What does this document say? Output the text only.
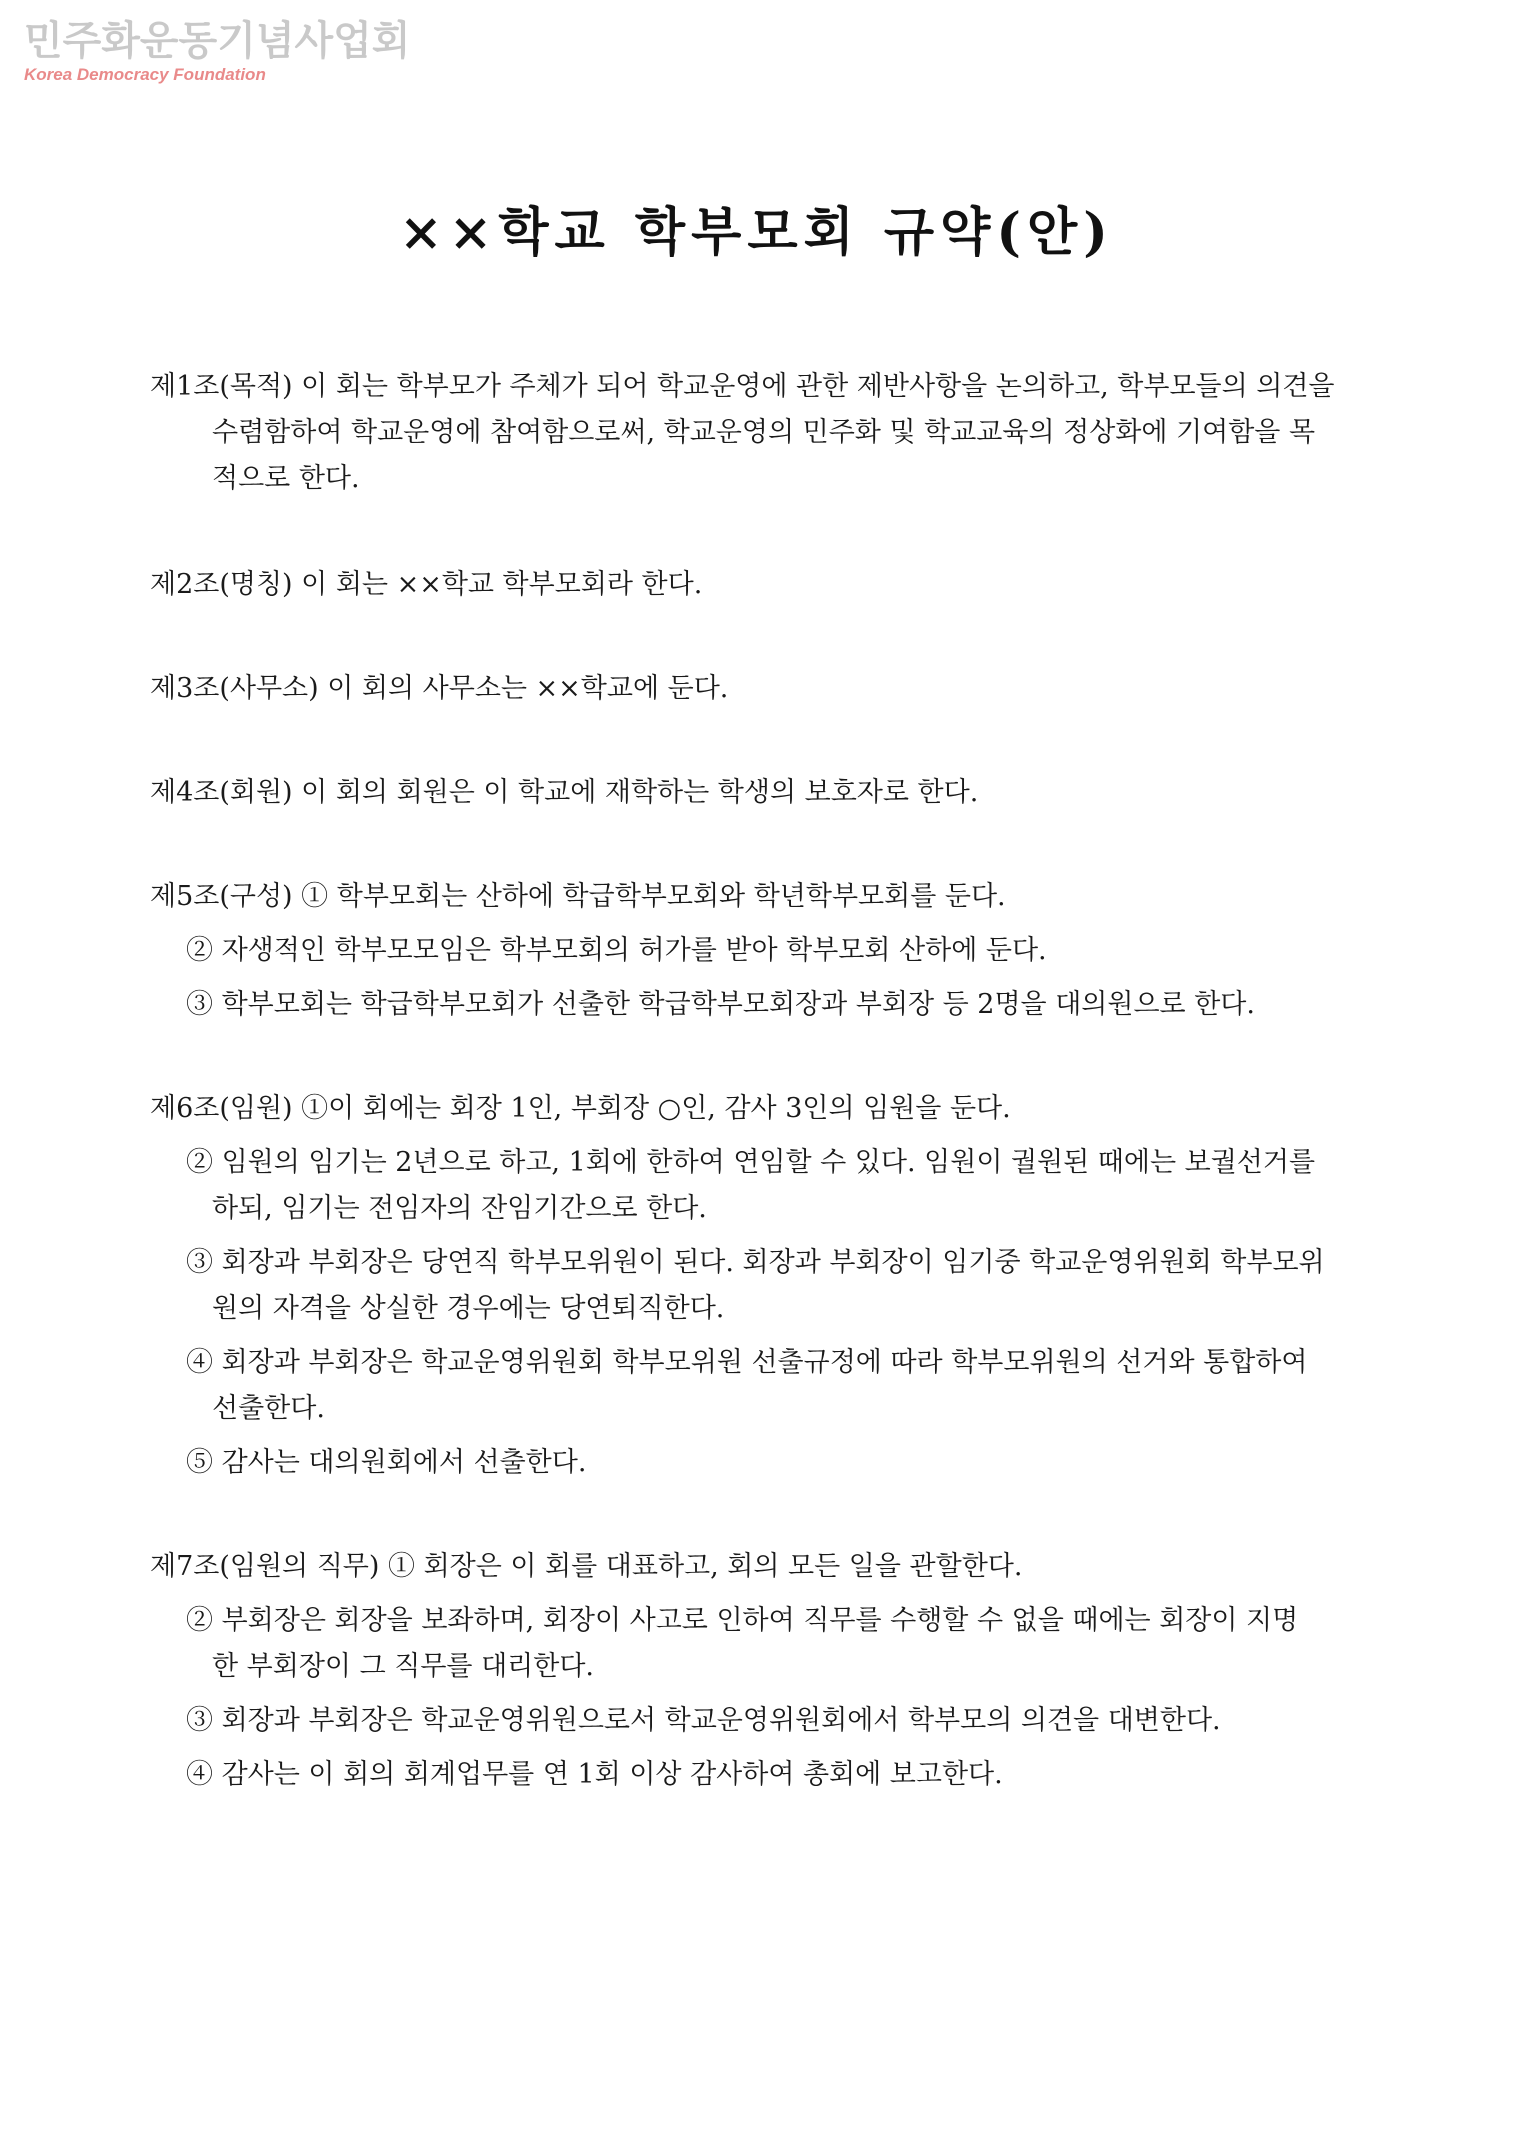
민주화운동기념사업회
Korea Democracy Foundation
××학교 학부모회 규약(안)
제1조(목적) 이 회는 학부모가 주체가 되어 학교운영에 관한 제반사항을 논의하고, 학부모들의 의견을
수렴함하여 학교운영에 참여함으로써, 학교운영의 민주화 및 학교교육의 정상화에 기여함을 목
적으로 한다.
제2조(명칭) 이 회는 ××학교 학부모회라 한다.
제3조(사무소) 이 회의 사무소는 ××학교에 둔다.
제4조(회원) 이 회의 회원은 이 학교에 재학하는 학생의 보호자로 한다.
제5조(구성) ① 학부모회는 산하에 학급학부모회와 학년학부모회를 둔다.
② 자생적인 학부모모임은 학부모회의 허가를 받아 학부모회 산하에 둔다.
③ 학부모회는 학급학부모회가 선출한 학급학부모회장과 부회장 등 2명을 대의원으로 한다.
제6조(임원) ①이 회에는 회장 1인, 부회장 ○인, 감사 3인의 임원을 둔다.
② 임원의 임기는 2년으로 하고, 1회에 한하여 연임할 수 있다. 임원이 궐원된 때에는 보궐선거를
하되, 임기는 전임자의 잔임기간으로 한다.
③ 회장과 부회장은 당연직 학부모위원이 된다. 회장과 부회장이 임기중 학교운영위원회 학부모위
원의 자격을 상실한 경우에는 당연퇴직한다.
④ 회장과 부회장은 학교운영위원회 학부모위원 선출규정에 따라 학부모위원의 선거와 통합하여
선출한다.
⑤ 감사는 대의원회에서 선출한다.
제7조(임원의 직무) ① 회장은 이 회를 대표하고, 회의 모든 일을 관할한다.
② 부회장은 회장을 보좌하며, 회장이 사고로 인하여 직무를 수행할 수 없을 때에는 회장이 지명
한 부회장이 그 직무를 대리한다.
③ 회장과 부회장은 학교운영위원으로서 학교운영위원회에서 학부모의 의견을 대변한다.
④ 감사는 이 회의 회계업무를 연 1회 이상 감사하여 총회에 보고한다.
